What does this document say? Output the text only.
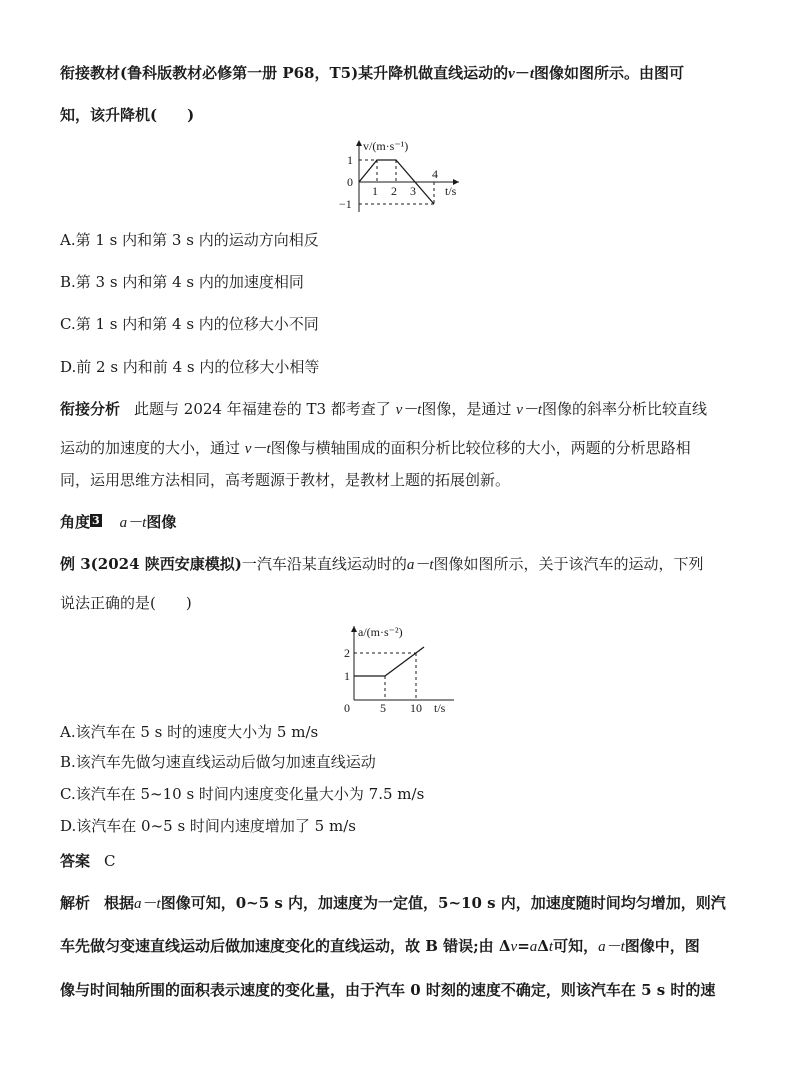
衔接教材(鲁科版教材必修第一册 P68，T5)某升降机做直线运动的v－t图像如图所示。由图可
知，该升降机(　　)
v/(m·s⁻¹)
t/s
1
0
−1
1 2 3
4
A.第 1 s 内和第 3 s 内的运动方向相反
B.第 3 s 内和第 4 s 内的加速度相同
C.第 1 s 内和第 4 s 内的位移大小不同
D.前 2 s 内和前 4 s 内的位移大小相等
衔接分析 此题与 2024 年福建卷的 T3 都考查了 v－t图像，是通过 v－t图像的斜率分析比较直线
运动的加速度的大小，通过 v－t图像与横轴围成的面积分析比较位移的大小，两题的分析思路相
同，运用思维方法相同，高考题源于教材，是教材上题的拓展创新。
角度 3 a－t图像
例 3(2024 陕西安康模拟)一汽车沿某直线运动时的a－t图像如图所示，关于该汽车的运动，下列
说法正确的是(　　)
a/(m·s⁻²)
t/s
2
1
0	5 10
A.该汽车在 5 s 时的速度大小为 5 m/s
B.该汽车先做匀速直线运动后做匀加速直线运动
C.该汽车在 5~10 s 时间内速度变化量大小为 7.5 m/s
D.该汽车在 0~5 s 时间内速度增加了 5 m/s
答案 C
解析 根据a－t图像可知，0~5 s 内，加速度为一定值，5~10 s 内，加速度随时间均匀增加，则汽
车先做匀变速直线运动后做加速度变化的直线运动，故 B 错误;由 Δv=aΔt可知，a－t图像中，图
像与时间轴所围的面积表示速度的变化量，由于汽车 0 时刻的速度不确定，则该汽车在 5 s 时的速
